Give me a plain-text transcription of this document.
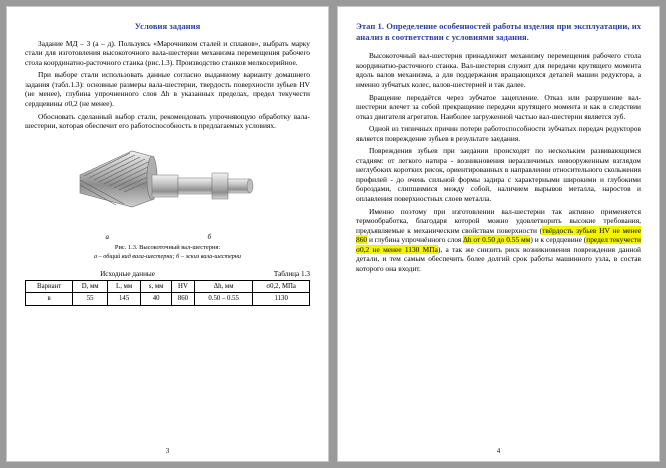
Условия задания

Задание МД – 3 (а – д). Пользуясь «Марочником сталей и сплавов», выбрать марку стали для изготовления высокоточного вала-шестерни механизма перемещения рабочего стола координатно-расточного станка (рис.1.3). Производство станков мелкосерийное.

При выборе стали использовать данные согласно выданному варианту домашнего задания (табл.1.3): основные размеры вала-шестерни, твердость поверхности зубьев HV (не менее), глубина упрочненного слоя Δh в указанных пределах, предел текучести сердцевины σ0,2 (не менее).

Обосновать сделанный выбор стали, рекомендовать упрочняющую обработку вала-шестерни, которая обеспечит его работоспособность в предлагаемых условиях.

а	б
Рис. 1.3. Высокоточный вал-шестерня:
а – общий вид вала-шестерни; б – эскиз вала-шестерни
Исходные данные	Таблица 1.3
Вариант	D, мм	L, мм	s, мм	HV	Δh, мм	σ0,2, МПа
в	55	145	40	860	0.50 – 0.55	1130
3
Этап 1. Определение особенностей работы изделия при эксплуатации, их анализ в соответствии с условиями задания.

Высокоточный вал-шестерня принадлежит механизму перемещения рабочего стола координатно-расточного станка. Вал-шестерня служит для передачи крутящего момента вдоль валов механизма, а для поддержания вращающихся деталей машин редуктора, а именно зубчатых колес, валов-шестерней и так далее.

Вращение передаётся через зубчатое зацепление. Отказ или разрушение вал-шестерни влечет за собой прекращение передачи крутящего момента и как в следствии отказ двигателя агрегатов. Наиболее загруженной частью вал-шестерни является зуб.

Одной из типичных причин потери работоспособности зубчатых передач редукторов является повреждение зубьев в результате заедания.

Повреждения зубьев при заедании происходят по нескольким развивающимся стадиям: от легкого натира - возникновения неразличимых невооруженным взглядом неглубоких коротких рисок, ориентированных в направлении относительного скольжения профилей - до очень сильной формы задира с характерными широкими и глубокими бороздами, слипшимися между собой, наличием вырывов металла, наростов и оплавления поверхностных слоев металла.

Именно поэтому при изготовлении вал-шестерни так активно применяется термообработка, благодаря которой можно удовлетворить высокие требования, предъявляемые к механическим свойствам поверхности (твёрдость зубьев HV не менее 860 и глубина упрочнённого слоя Δh от 0.50 до 0.55 мм) и к сердцевине (предел текучести σ0,2 не менее 1130 МПа), а так же снизить риск возникновения повреждения данной детали, и тем самым обеспечить более долгий срок работы машинного узла, в состав которого она входит.

4
